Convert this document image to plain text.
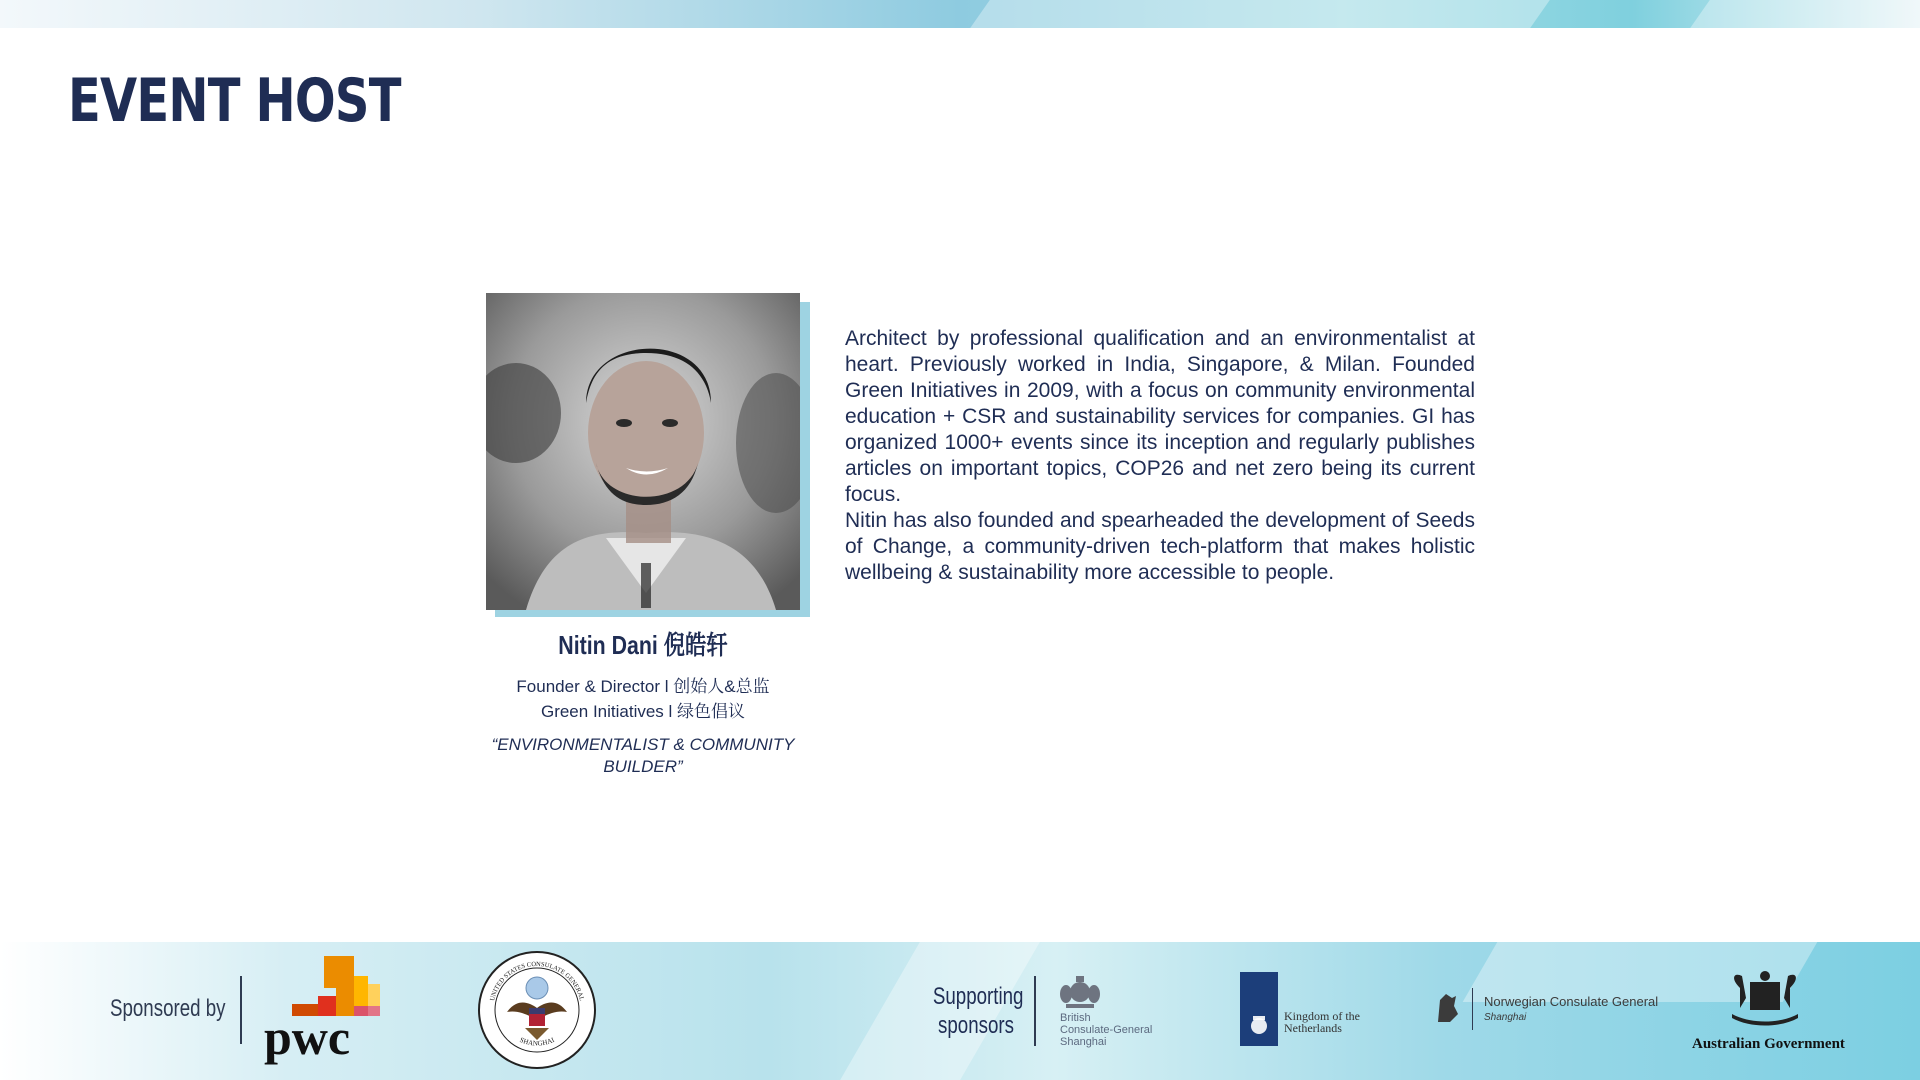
EVENT HOST
Nitin Dani 倪皓轩
Founder & Director l 创始人&总监
Green Initiatives l 绿色倡议
“ENVIRONMENTALIST & COMMUNITY
BUILDER”

Architect by professional qualification and an environmentalist at heart. Previously worked in India, Singapore, & Milan. Founded Green Initiatives in 2009, with a focus on community environmental education + CSR and sustainability services for companies. GI has organized 1000+ events since its inception and regularly publishes articles on important topics, COP26 and net zero being its current focus.

Nitin has also founded and spearheaded the development of Seeds of Change, a community-driven tech-platform that makes holistic wellbeing & sustainability more accessible to people.

Sponsored by
pwc
UNITED STATES CONSULATE GENERAL
SHANGHAI
Supporting
sponsors	British
Consulate-General
Shanghai
Kingdom of the
Netherlands
Norwegian Consulate General
Shanghai
Australian Government
